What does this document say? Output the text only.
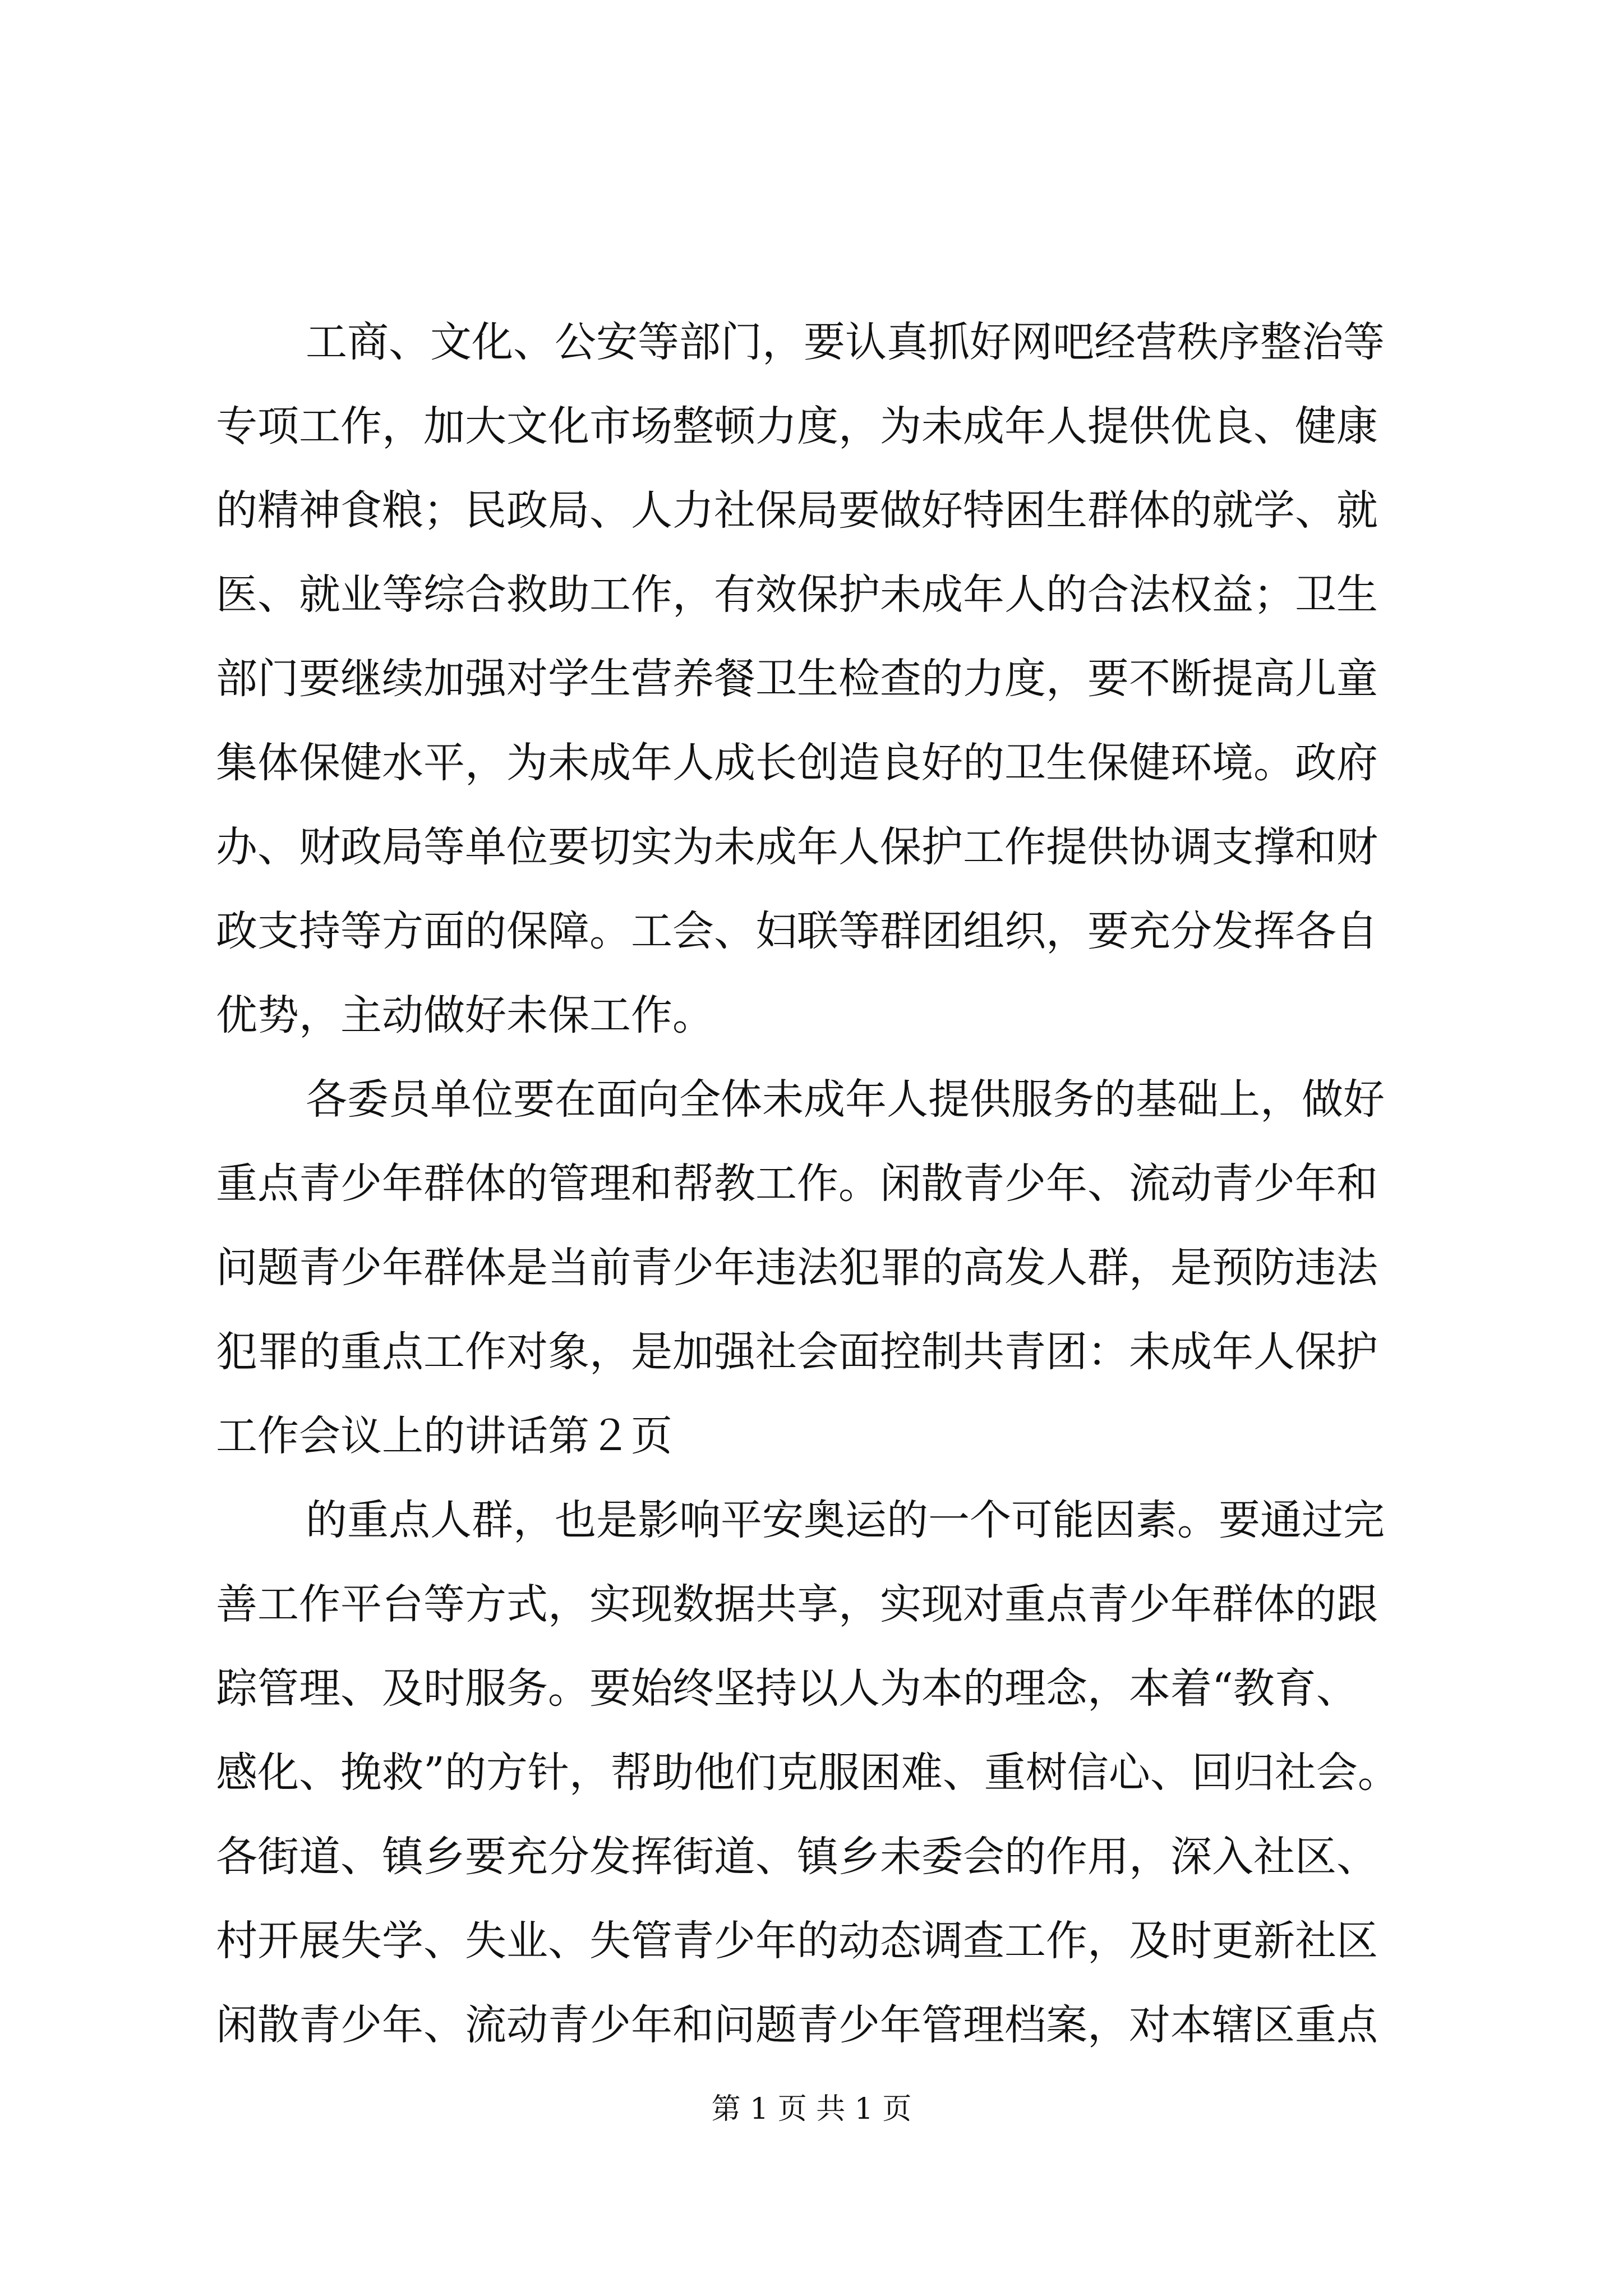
工商、文化、公安等部门，要认真抓好网吧经营秩序整治等
专项工作，加大文化市场整顿力度，为未成年人提供优良、健康
的精神食粮；民政局、人力社保局要做好特困生群体的就学、就
医、就业等综合救助工作，有效保护未成年人的合法权益；卫生
部门要继续加强对学生营养餐卫生检查的力度，要不断提高儿童
集体保健水平，为未成年人成长创造良好的卫生保健环境。政府
办、财政局等单位要切实为未成年人保护工作提供协调支撑和财
政支持等方面的保障。工会、妇联等群团组织，要充分发挥各自
优势，主动做好未保工作。
各委员单位要在面向全体未成年人提供服务的基础上，做好
重点青少年群体的管理和帮教工作。闲散青少年、流动青少年和
问题青少年群体是当前青少年违法犯罪的高发人群，是预防违法
犯罪的重点工作对象，是加强社会面控制共青团：未成年人保护
工作会议上的讲话第２页
的重点人群，也是影响平安奥运的一个可能因素。要通过完
善工作平台等方式，实现数据共享，实现对重点青少年群体的跟
踪管理、及时服务。要始终坚持以人为本的理念，本着“教育、
感化、挽救”的方针，帮助他们克服困难、重树信心、回归社会。
各街道、镇乡要充分发挥街道、镇乡未委会的作用，深入社区、
村开展失学、失业、失管青少年的动态调查工作，及时更新社区
闲散青少年、流动青少年和问题青少年管理档案，对本辖区重点
第 1 页 共 1 页
